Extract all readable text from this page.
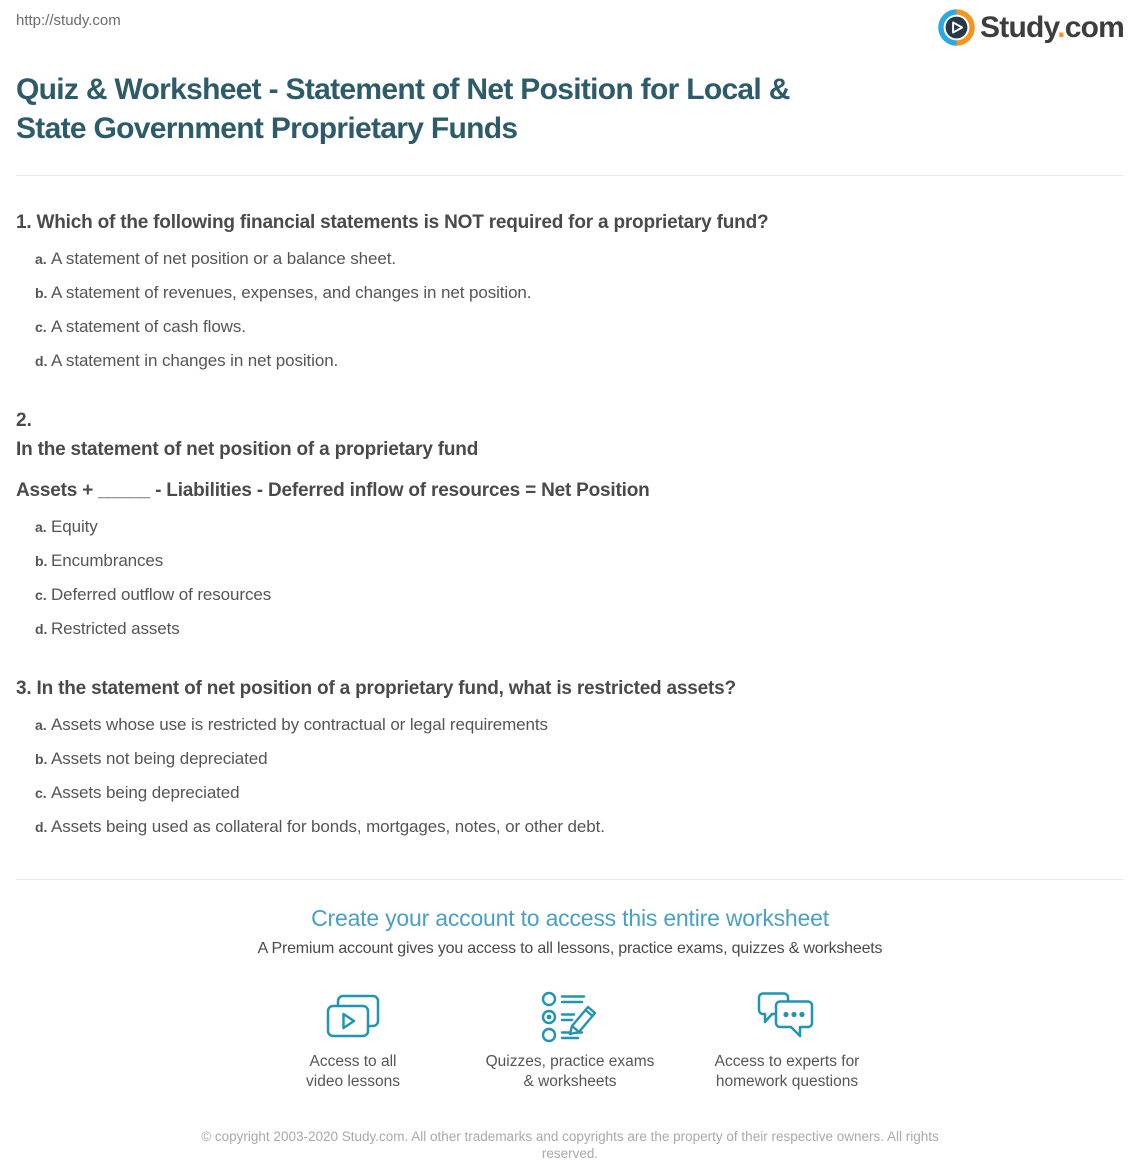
http://study.com	Study.com
Quiz & Worksheet - Statement of Net Position for Local &
State Government Proprietary Funds
1. Which of the following financial statements is NOT required for a proprietary fund?
a. A statement of net position or a balance sheet.
b. A statement of revenues, expenses, and changes in net position.
c. A statement of cash flows.
d. A statement in changes in net position.
2.
In the statement of net position of a proprietary fund
Assets + _____ - Liabilities - Deferred inflow of resources = Net Position
a. Equity
b. Encumbrances
c. Deferred outflow of resources
d. Restricted assets
3. In the statement of net position of a proprietary fund, what is restricted assets?
a. Assets whose use is restricted by contractual or legal requirements
b. Assets not being depreciated
c. Assets being depreciated
d. Assets being used as collateral for bonds, mortgages, notes, or other debt.
Create your account to access this entire worksheet
A Premium account gives you access to all lessons, practice exams, quizzes & worksheets
Access to all
video lessons
Quizzes, practice exams
& worksheets
Access to experts for
homework questions
© copyright 2003-2020 Study.com. All other trademarks and copyrights are the property of their respective owners. All rights reserved.
